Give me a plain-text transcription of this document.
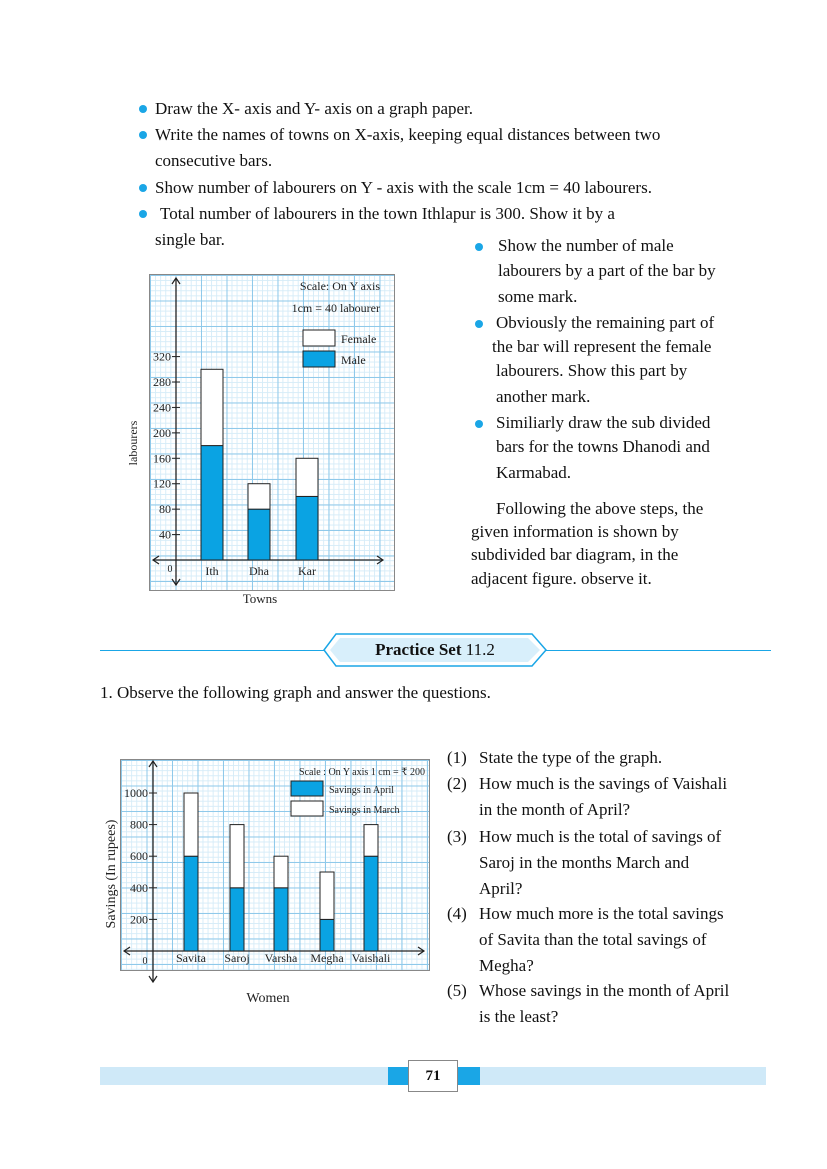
Draw the X- axis and Y- axis on a graph paper.
Write the names of towns on X-axis, keeping equal distances between two
consecutive bars.
Show number of labourers on Y - axis with the scale 1cm = 40 labourers.
Total number of labourers in the town Ithlapur is 300. Show it by a
single bar.	Show the number of male
labourers by a part of the bar by
some mark.
Obviously the remaining part of
the bar will represent the female
labourers. Show this part by
another mark.
Similiarly draw the sub divided
bars for the towns Dhanodi and
Karmabad.
Following the above steps, the
given information is shown by
subdivided bar diagram, in the
adjacent figure. observe it.
40
80
120
160
200
240
280
320
0	Ith	Dha Kar
Scale: On Y axis
1cm = 40 labourer
Female
Male
labourers
Towns
Practice Set 11.2
1. Observe the following graph and answer the questions.
200
400
600
800
1000
0 Savita Saroj Varsha Megha Vaishali
Scale : On Y axis 1 cm = ₹ 200
Savings in April
Savings in March
Savings (In rupees)
Women
(1) State the type of the graph.
(2) How much is the savings of Vaishali
in the month of April?
(3) How much is the total of savings of
Saroj in the months March and
April?
(4) How much more is the total savings
of Savita than the total savings of
Megha?
(5) Whose savings in the month of April
is the least?
71
